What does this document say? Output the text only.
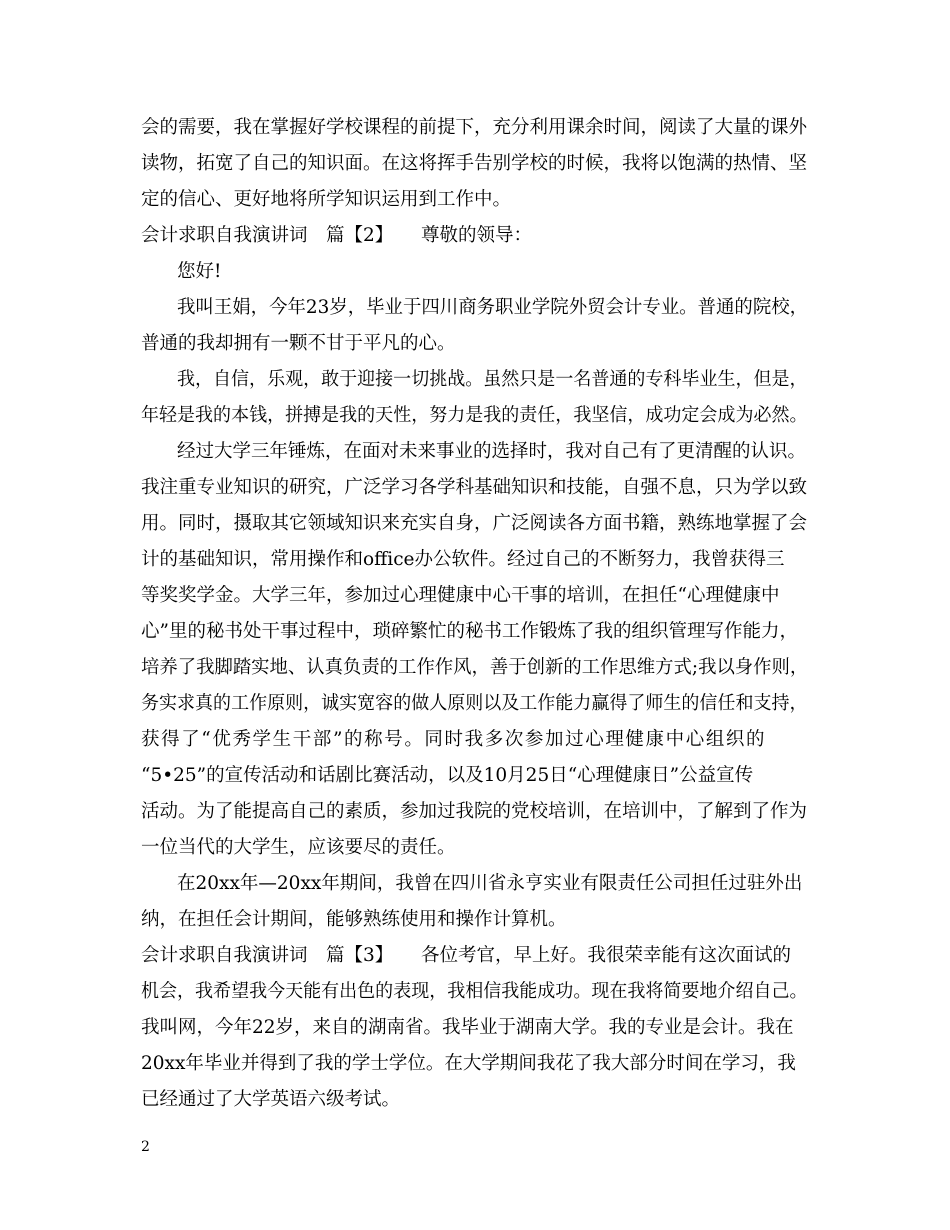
会的需要，我在掌握好学校课程的前提下，充分利用课余时间，阅读了大量的课外
读物，拓宽了自己的知识面。在这将挥手告别学校的时候，我将以饱满的热情、坚
定的信心、更好地将所学知识运用到工作中。
会计求职自我演讲词　篇【2】　　尊敬的领导：
您好!
我叫王娟，今年23岁，毕业于四川商务职业学院外贸会计专业。普通的院校，
普通的我却拥有一颗不甘于平凡的心。
我，自信，乐观，敢于迎接一切挑战。虽然只是一名普通的专科毕业生，但是，
年轻是我的本钱，拼搏是我的天性，努力是我的责任，我坚信，成功定会成为必然。
经过大学三年锤炼，在面对未来事业的选择时，我对自己有了更清醒的认识。
我注重专业知识的研究，广泛学习各学科基础知识和技能，自强不息，只为学以致
用。同时，摄取其它领域知识来充实自身，广泛阅读各方面书籍，熟练地掌握了会
计的基础知识，常用操作和office办公软件。经过自己的不断努力，我曾获得三
等奖奖学金。大学三年，参加过心理健康中心干事的培训，在担任“心理健康中
心”里的秘书处干事过程中，琐碎繁忙的秘书工作锻炼了我的组织管理写作能力，
培养了我脚踏实地、认真负责的工作作风，善于创新的工作思维方式;我以身作则，
务实求真的工作原则，诚实宽容的做人原则以及工作能力赢得了师生的信任和支持，
获得了“优秀学生干部”的称号。同时我多次参加过心理健康中心组织的
“5•25”的宣传活动和话剧比赛活动，以及10月25日“心理健康日”公益宣传
活动。为了能提高自己的素质，参加过我院的党校培训，在培训中，了解到了作为
一位当代的大学生，应该要尽的责任。
在20xx年—20xx年期间，我曾在四川省永亨实业有限责任公司担任过驻外出
纳，在担任会计期间，能够熟练使用和操作计算机。
会计求职自我演讲词　篇【3】　　各位考官，早上好。我很荣幸能有这次面试的
机会，我希望我今天能有出色的表现，我相信我能成功。现在我将简要地介绍自己。
我叫网，今年22岁，来自的湖南省。我毕业于湖南大学。我的专业是会计。我在
20xx年毕业并得到了我的学士学位。在大学期间我花了我大部分时间在学习，我
已经通过了大学英语六级考试。
2
